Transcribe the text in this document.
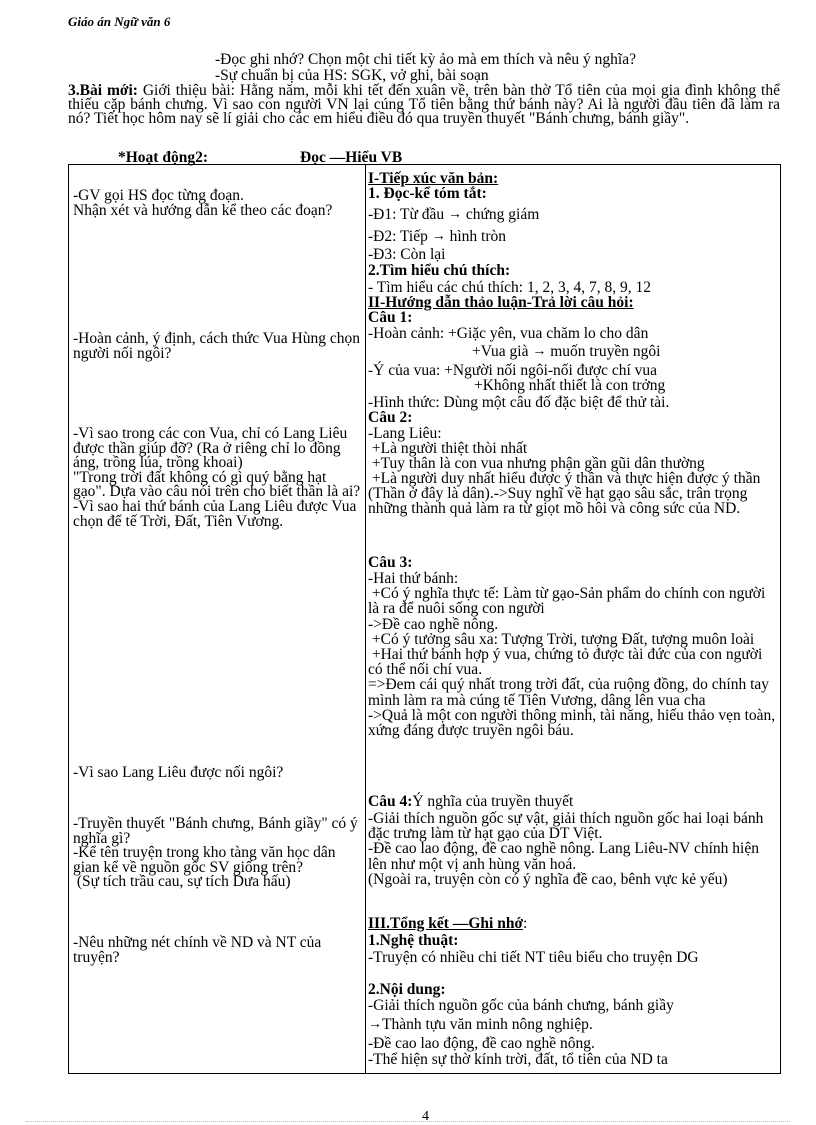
Giáo án Ngữ văn 6
-Đọc ghi nhớ? Chọn một chi tiết kỳ ảo mà em thích và nêu ý nghĩa?
-Sự chuẩn bị của HS: SGK, vở ghi, bài soạn
3.Bài mới: Giới thiệu bài: Hằng năm, mỗi khi tết đến xuân về, trên bàn thờ Tổ tiên của mọi gia đình không thể thiếu cặp bánh chưng. Vì sao con người VN lại cúng Tổ tiên bằng thứ bánh này? Ai là người đầu tiên đã làm ra nó? Tiết học hôm nay sẽ lí giải cho các em hiểu điều đó qua truyền thuyết "Bánh chưng, bánh giầy".
*Hoạt động2:	Đọc —Hiểu VB
-GV gọi HS đọc từng đoạn.
Nhận xét và hướng dẫn kể theo các đoạn?
-Hoàn cảnh, ý định, cách thức Vua Hùng chọn người nối ngôi?
-Vì sao trong các con Vua, chỉ có Lang Liêu được thần giúp đỡ? (Ra ở riêng chỉ lo đồng áng, trồng lúa, trồng khoai)
"Trong trời đất không có gì quý bằng hạt gạo". Dựa vào câu nói trên cho biết thần là ai?
-Vì sao hai thứ bánh của Lang Liêu được Vua chọn để tế Trời, Đất, Tiên Vương.
-Vì sao Lang Liêu được nối ngôi?
-Truyền thuyết "Bánh chưng, Bánh giầy" có ý nghĩa gì?
-Kể tên truyện trong kho tàng văn học dân gian kể về nguồn gốc SV giống trên?
(Sự tích trầu cau, sự tích Dưa hấu)
-Nêu những nét chính về ND và NT của truyện?

I-Tiếp xúc văn bản:
1. Đọc-kể tóm tắt:
-Đ1: Từ đầu → chứng giám
-Đ2: Tiếp → hình tròn
-Đ3: Còn lại
2.Tìm hiểu chú thích:
- Tìm hiểu các chú thích: 1, 2, 3, 4, 7, 8, 9, 12
II-Hướng dẫn thảo luận-Trả lời câu hỏi:
Câu 1:
-Hoàn cảnh: +Giặc yên, vua chăm lo cho dân
+Vua già → muốn truyền ngôi
-Ý của vua: +Người nối ngôi-nối được chí vua
+Không nhất thiết là con trởng
-Hình thức: Dùng một câu đố đặc biệt để thử tài.
Câu 2:
-Lang Liêu:
+Là người thiệt thòi nhất
+Tuy thân là con vua nhưng phận gần gũi dân thường
+Là người duy nhất hiểu được ý thần và thực hiện được ý thần (Thần ở đây là dân).->Suy nghĩ về hạt gạo sâu sắc, trân trọng những thành quả làm ra từ giọt mồ hôi và công sức của ND.
Câu 3:
-Hai thứ bánh:
+Có ý nghĩa thực tế: Làm từ gạo-Sản phẩm do chính con người là ra để nuôi sống con người
->Đề cao nghề nông.
+Có ý tưởng sâu xa: Tượng Trời, tượng Đất, tượng muôn loài
+Hai thứ bánh hợp ý vua, chứng tỏ được tài đức của con người có thể nối chí vua.
=>Đem cái quý nhất trong trời đất, của ruộng đồng, do chính tay mình làm ra mà cúng tế Tiên Vương, dâng lên vua cha
->Quả là một con người thông minh, tài năng, hiếu thảo vẹn toàn, xứng đáng được truyền ngôi báu.
Câu 4:Ý nghĩa của truyền thuyết
-Giải thích nguồn gốc sự vật, giải thích nguồn gốc hai loại bánh đặc trưng làm từ hạt gạo của DT Việt.
-Đề cao lao động, đề cao nghề nông. Lang Liêu-NV chính hiện lên như một vị anh hùng văn hoá.
(Ngoài ra, truyện còn có ý nghĩa đề cao, bênh vực kẻ yếu)
III.Tổng kết —Ghi nhớ:
1.Nghệ thuật:
-Truyện có nhiều chi tiết NT tiêu biểu cho truyện DG
2.Nội dung:
-Giải thích nguồn gốc của bánh chưng, bánh giầy
→Thành tựu văn minh nông nghiệp.
-Đề cao lao động, đề cao nghề nông.
-Thể hiện sự thờ kính trời, đất, tổ tiên của ND ta
4
